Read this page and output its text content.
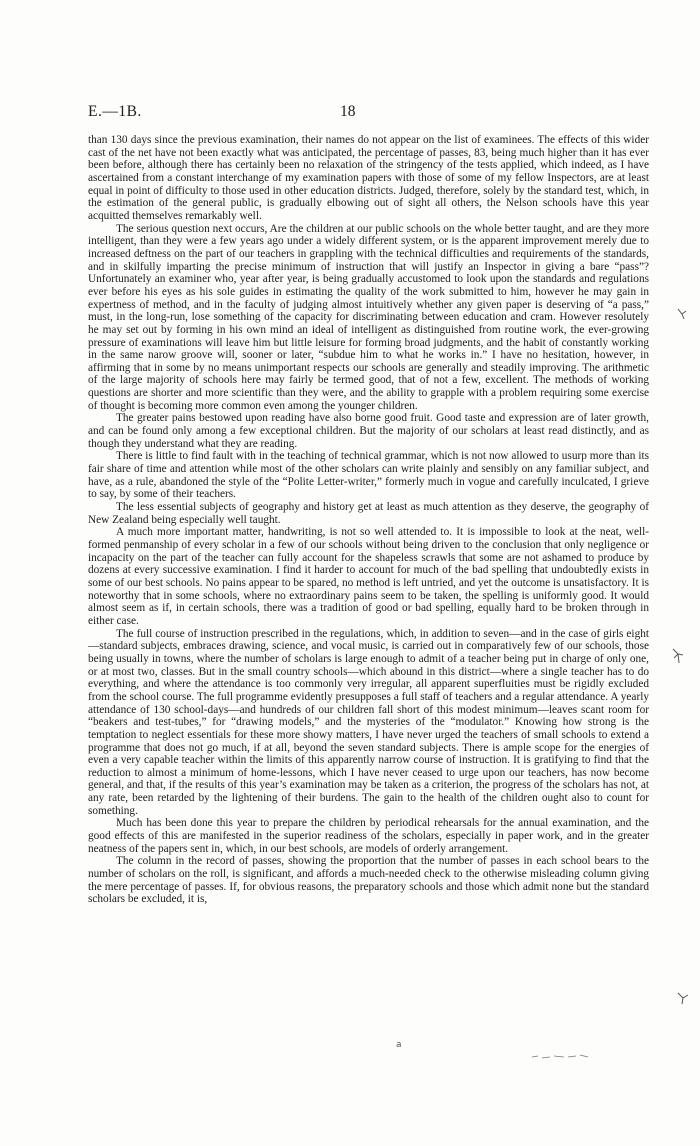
E.—1B.	18

than 130 days since the previous examination, their names do not appear on the list of examinees. The effects of this wider cast of the net have not been exactly what was anticipated, the percentage of passes, 83, being much higher than it has ever been before, although there has certainly been no relaxation of the stringency of the tests applied, which indeed, as I have ascertained from a constant interchange of my examination papers with those of some of my fellow Inspectors, are at least equal in point of difficulty to those used in other education districts. Judged, therefore, solely by the standard test, which, in the estimation of the general public, is gradually elbowing out of sight all others, the Nelson schools have this year acquitted themselves remarkably well.

The serious question next occurs, Are the children at our public schools on the whole better taught, and are they more intelligent, than they were a few years ago under a widely different system, or is the apparent improvement merely due to increased deftness on the part of our teachers in grappling with the technical difficulties and requirements of the standards, and in skilfully imparting the precise minimum of instruction that will justify an Inspector in giving a bare “pass”? Unfortunately an examiner who, year after year, is being gradually accustomed to look upon the standards and regulations ever before his eyes as his sole guides in estimating the quality of the work submitted to him, however he may gain in expertness of method, and in the faculty of judging almost intuitively whether any given paper is deserving of “a pass,” must, in the long-run, lose something of the capacity for discriminating between education and cram. However resolutely he may set out by forming in his own mind an ideal of intelligent as distinguished from routine work, the ever-growing pressure of examinations will leave him but little leisure for forming broad judgments, and the habit of constantly working in the same narow groove will, sooner or later, “subdue him to what he works in.” I have no hesitation, however, in affirming that in some by no means unimportant respects our schools are generally and steadily improving. The arithmetic of the large majority of schools here may fairly be termed good, that of not a few, excellent. The methods of working questions are shorter and more scientific than they were, and the ability to grapple with a problem requiring some exercise of thought is becoming more common even among the younger children.

The greater pains bestowed upon reading have also borne good fruit. Good taste and expression are of later growth, and can be found only among a few exceptional children. But the majority of our scholars at least read distinctly, and as though they understand what they are reading.

There is little to find fault with in the teaching of technical grammar, which is not now allowed to usurp more than its fair share of time and attention while most of the other scholars can write plainly and sensibly on any familiar subject, and have, as a rule, abandoned the style of the “Polite Letter-writer,” formerly much in vogue and carefully inculcated, I grieve to say, by some of their teachers.

The less essential subjects of geography and history get at least as much attention as they deserve, the geography of New Zealand being especially well taught.

A much more important matter, handwriting, is not so well attended to. It is impossible to look at the neat, well-formed penmanship of every scholar in a few of our schools without being driven to the conclusion that only negligence or incapacity on the part of the teacher can fully account for the shapeless scrawls that some are not ashamed to produce by dozens at every successive examination. I find it harder to account for much of the bad spelling that undoubtedly exists in some of our best schools. No pains appear to be spared, no method is left untried, and yet the outcome is unsatisfactory. It is noteworthy that in some schools, where no extraordinary pains seem to be taken, the spelling is uniformly good. It would almost seem as if, in certain schools, there was a tradition of good or bad spelling, equally hard to be broken through in either case.

The full course of instruction prescribed in the regulations, which, in addition to seven—and in the case of girls eight—standard subjects, embraces drawing, science, and vocal music, is carried out in comparatively few of our schools, those being usually in towns, where the number of scholars is large enough to admit of a teacher being put in charge of only one, or at most two, classes. But in the small country schools—which abound in this district—where a single teacher has to do everything, and where the attendance is too commonly very irregular, all apparent superfluities must be rigidly excluded from the school course. The full programme evidently presupposes a full staff of teachers and a regular attendance. A yearly attendance of 130 school-days—and hundreds of our children fall short of this modest minimum—leaves scant room for “beakers and test-tubes,” for “drawing models,” and the mysteries of the “modulator.” Knowing how strong is the temptation to neglect essentials for these more showy matters, I have never urged the teachers of small schools to extend a programme that does not go much, if at all, beyond the seven standard subjects. There is ample scope for the energies of even a very capable teacher within the limits of this apparently narrow course of instruction. It is gratifying to find that the reduction to almost a minimum of home-lessons, which I have never ceased to urge upon our teachers, has now become general, and that, if the results of this year’s examination may be taken as a criterion, the progress of the scholars has not, at any rate, been retarded by the lightening of their burdens. The gain to the health of the children ought also to count for something.

Much has been done this year to prepare the children by periodical rehearsals for the annual examination, and the good effects of this are manifested in the superior readiness of the scholars, especially in paper work, and in the greater neatness of the papers sent in, which, in our best schools, are models of orderly arrangement.

The column in the record of passes, showing the proportion that the number of passes in each school bears to the number of scholars on the roll, is significant, and affords a much-needed check to the otherwise misleading column giving the mere percentage of passes. If, for obvious reasons, the preparatory schools and those which admit none but the standard scholars be excluded, it is,

a
